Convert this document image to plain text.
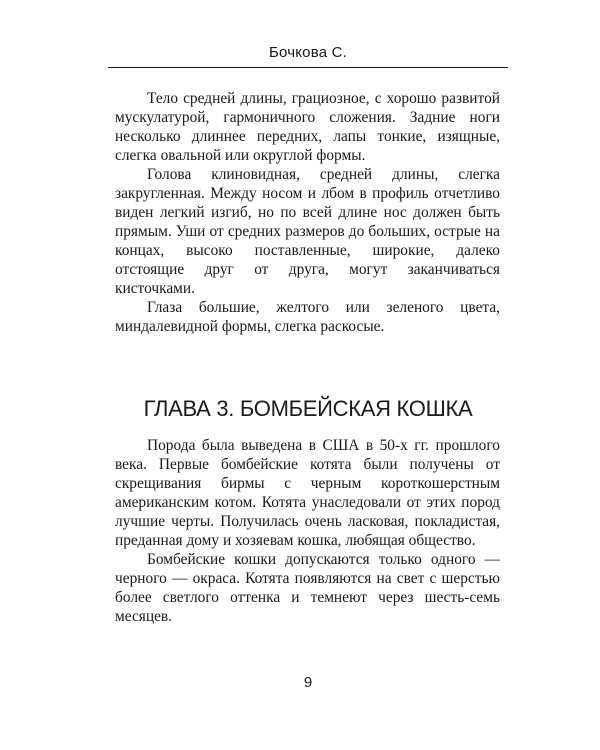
Бочкова С.

Тело средней длины, грациозное, с хорошо развитой мускулатурой, гармоничного сложения. Задние ноги несколько длиннее передних, лапы тонкие, изящные, слегка овальной или округлой формы.

Голова клиновидная, средней длины, слегка закругленная. Между носом и лбом в профиль отчетливо виден легкий изгиб, но по всей длине нос должен быть прямым. Уши от средних размеров до больших, острые на концах, высоко поставленные, широкие, далеко отстоящие друг от друга, могут заканчиваться кисточками.

Глаза большие, желтого или зеленого цвета, миндалевидной формы, слегка раскосые.

ГЛАВА 3. БОМБЕЙСКАЯ КОШКА

Порода была выведена в США в 50-х гг. прошлого века. Первые бомбейские котята были получены от скрещивания бирмы с черным короткошерстным американским котом. Котята унаследовали от этих пород лучшие черты. Получилась очень ласковая, покладистая, преданная дому и хозяевам кошка, любящая общество.

Бомбейские кошки допускаются только одного — черного — окраса. Котята появляются на свет с шерстью более светлого оттенка и темнеют через шесть-семь месяцев.

9
